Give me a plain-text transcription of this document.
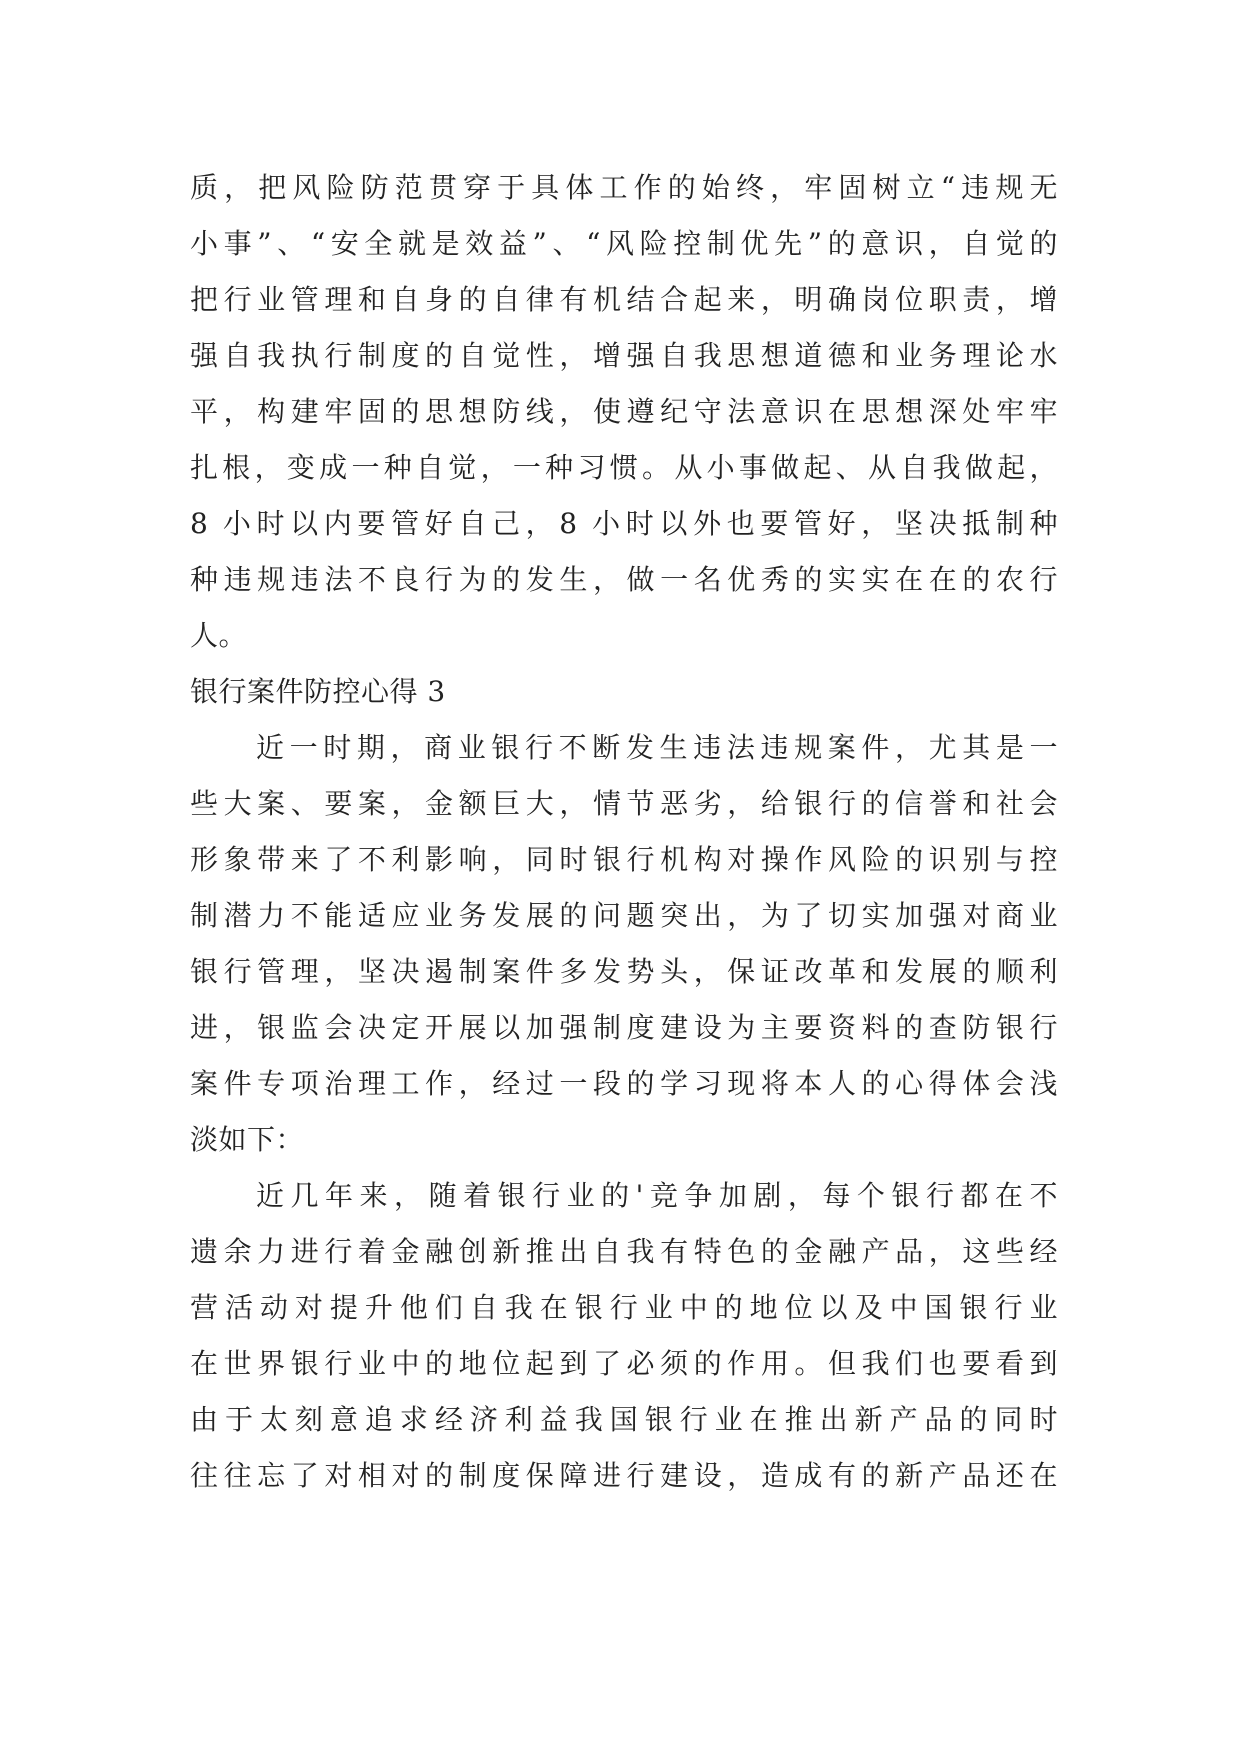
质，把风险防范贯穿于具体工作的始终，牢固树立“违规无
小事”、“安全就是效益”、“风险控制优先”的意识，自觉的
把行业管理和自身的自律有机结合起来，明确岗位职责，增
强自我执行制度的自觉性，增强自我思想道德和业务理论水
平，构建牢固的思想防线，使遵纪守法意识在思想深处牢牢
扎根，变成一种自觉，一种习惯。从小事做起、从自我做起，
8 小时以内要管好自己，8 小时以外也要管好，坚决抵制种
种违规违法不良行为的发生，做一名优秀的实实在在的农行
人。
银行案件防控心得 3
近一时期，商业银行不断发生违法违规案件，尤其是一
些大案、要案，金额巨大，情节恶劣，给银行的信誉和社会
形象带来了不利影响，同时银行机构对操作风险的识别与控
制潜力不能适应业务发展的问题突出，为了切实加强对商业
银行管理，坚决遏制案件多发势头，保证改革和发展的顺利
进，银监会决定开展以加强制度建设为主要资料的查防银行
案件专项治理工作，经过一段的学习现将本人的心得体会浅
淡如下：
近几年来，随着银行业的'竞争加剧，每个银行都在不
遗余力进行着金融创新推出自我有特色的金融产品，这些经
营活动对提升他们自我在银行业中的地位以及中国银行业
在世界银行业中的地位起到了必须的作用。但我们也要看到
由于太刻意追求经济利益我国银行业在推出新产品的同时
往往忘了对相对的制度保障进行建设，造成有的新产品还在
